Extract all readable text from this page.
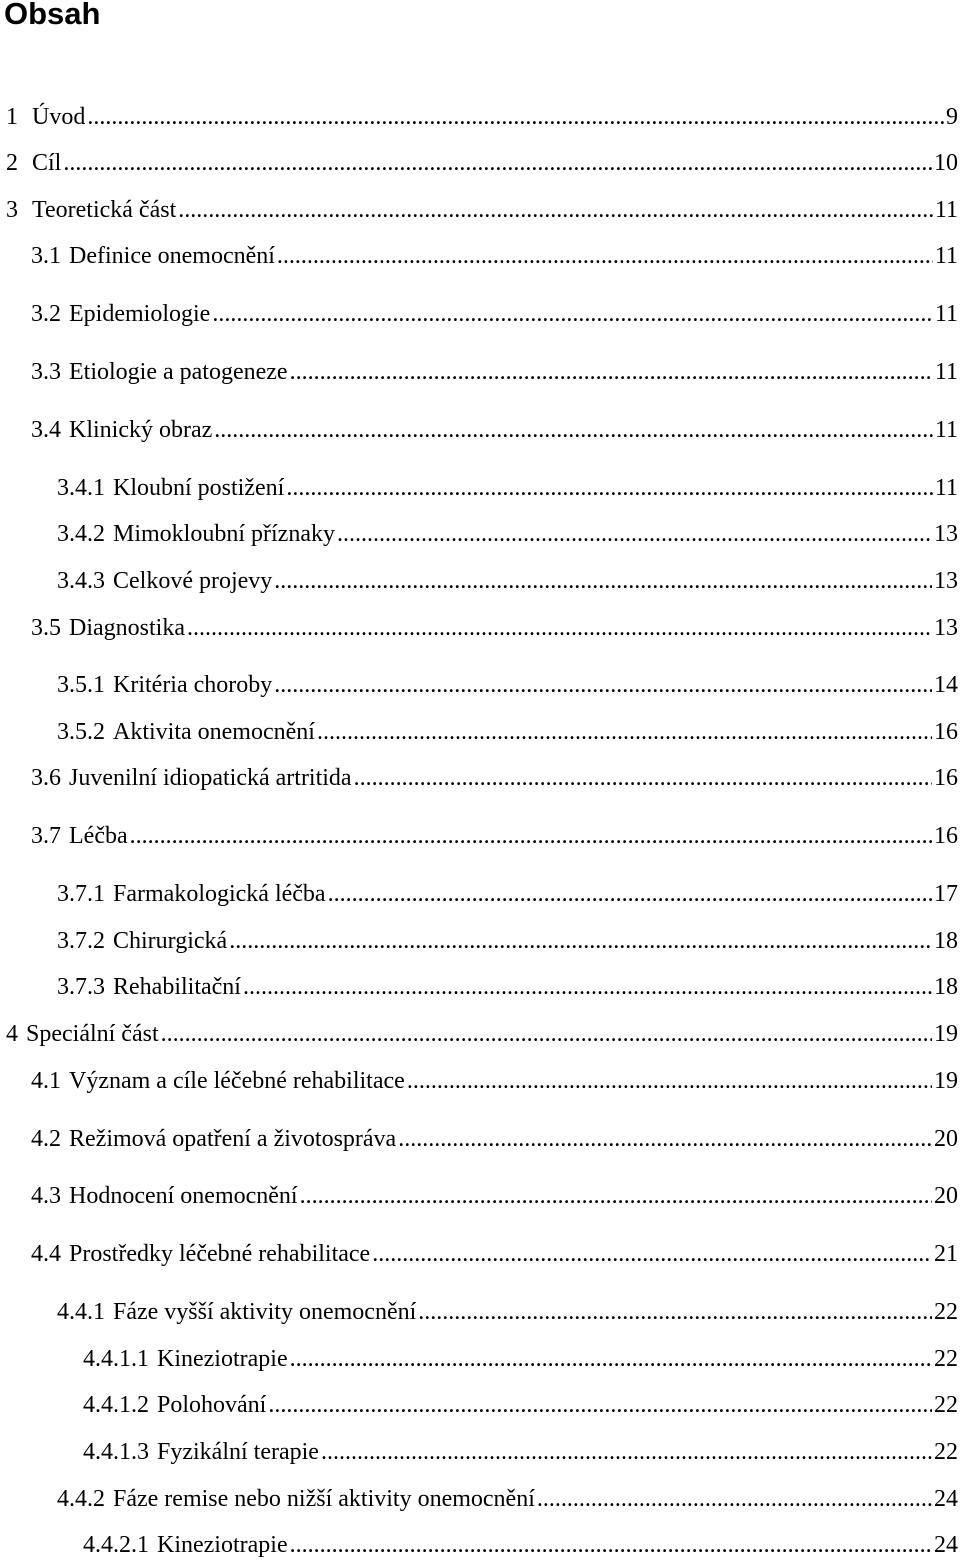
Obsah
1 Úvod .....	9
2 Cíl .....	10
3 Teoretická část .....	11
3.1 Definice onemocnění .....	11
3.2 Epidemiologie .....	11
3.3 Etiologie a patogeneze .....	11
3.4 Klinický obraz .....	11
3.4.1 Kloubní postižení .....	11
3.4.2 Mimokloubní příznaky .....	13
3.4.3 Celkové projevy .....	13
3.5 Diagnostika .....	13
3.5.1 Kritéria choroby .....	14
3.5.2 Aktivita onemocnění .....	16
3.6 Juvenilní idiopatická artritida .....	16
3.7 Léčba .....	16
3.7.1 Farmakologická léčba .....	17
3.7.2 Chirurgická .....	18
3.7.3 Rehabilitační .....	18
4 Speciální část .....	19
4.1 Význam a cíle léčebné rehabilitace .....	19
4.2 Režimová opatření a životospráva .....	20
4.3 Hodnocení onemocnění .....	20
4.4 Prostředky léčebné rehabilitace .....	21
4.4.1 Fáze vyšší aktivity onemocnění .....	22
4.4.1.1 Kineziotrapie .....	22
4.4.1.2 Polohování .....	22
4.4.1.3 Fyzikální terapie .....	22
4.4.2 Fáze remise nebo nižší aktivity onemocnění .....	24
4.4.2.1 Kineziotrapie .....	24
